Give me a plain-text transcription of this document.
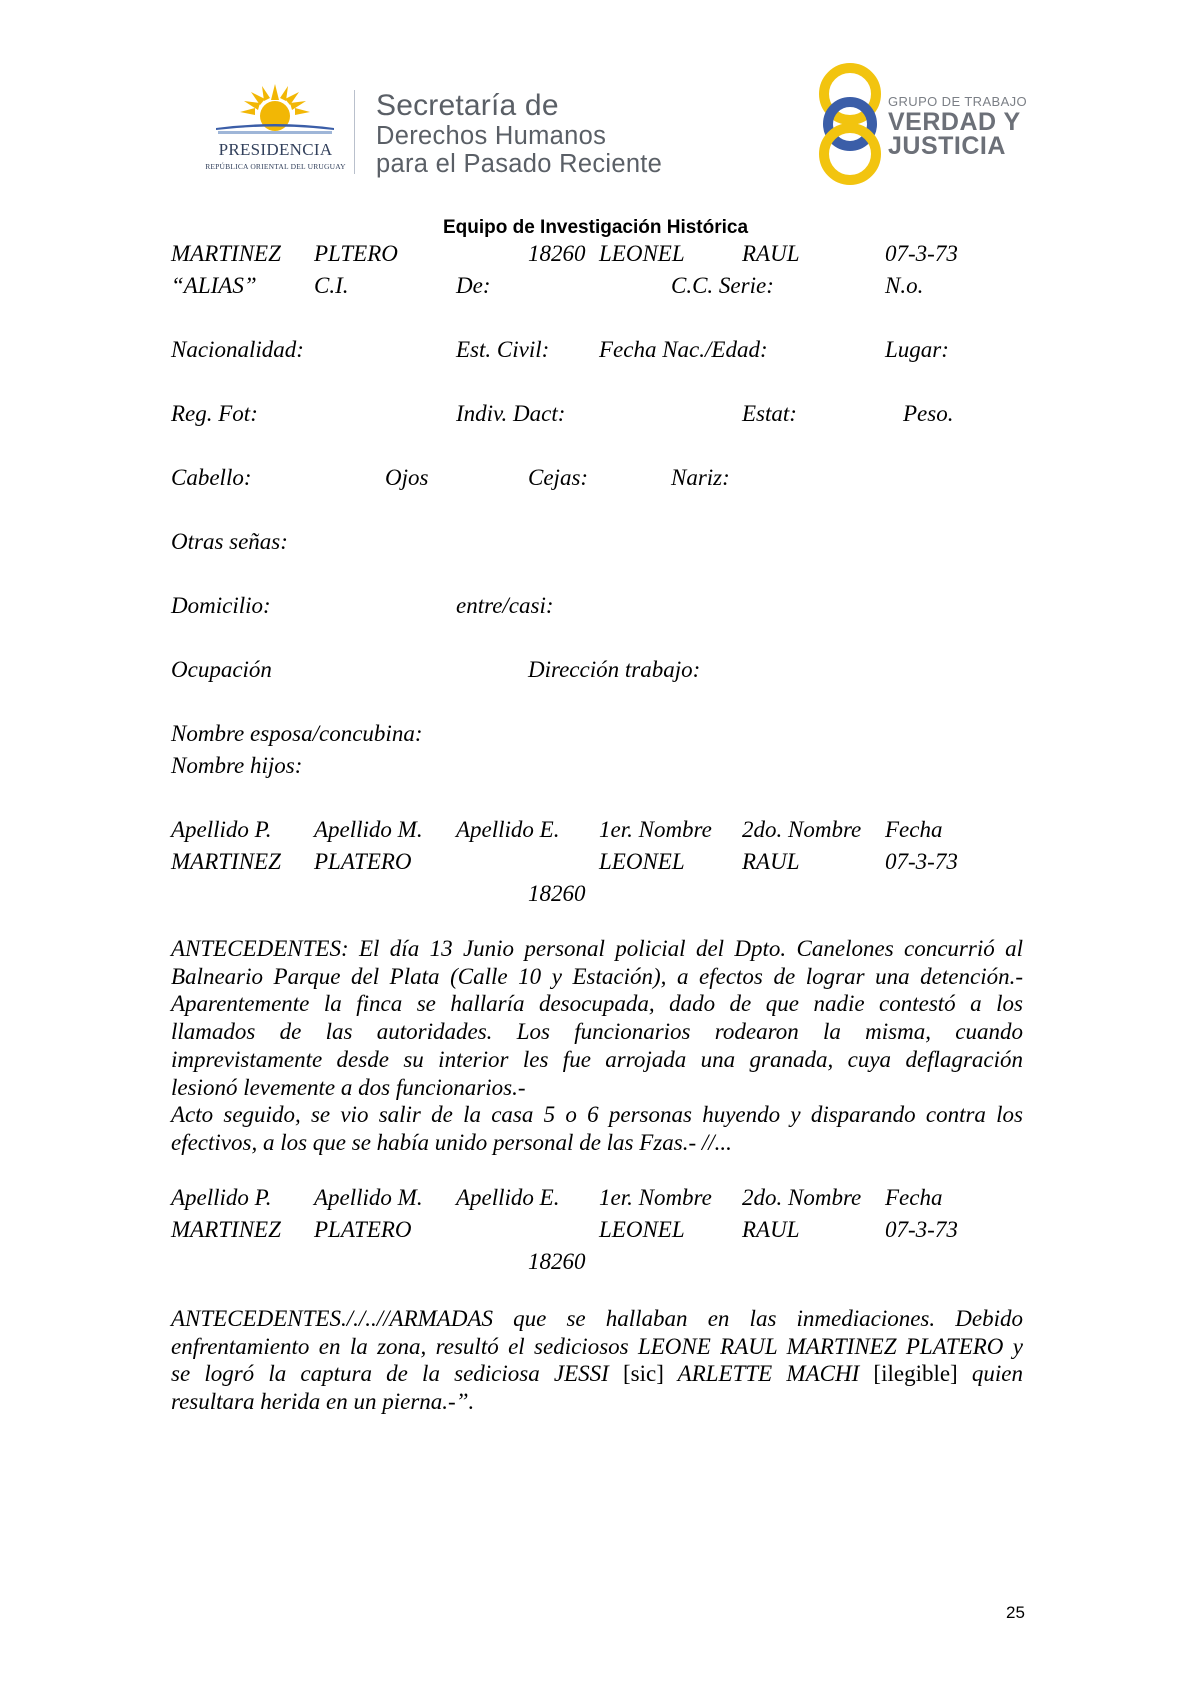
PRESIDENCIA
REPÚBLICA ORIENTAL DEL URUGUAY
Secretaría de
Derechos Humanos
para el Pasado Reciente
GRUPO DE TRABAJO
VERDAD Y
JUSTICIA
Equipo de Investigación Histórica
MARTINEZ PLTERO	18260 LEONEL RAUL	07-3-73
“ALIAS” C.I.	De:	C.C. Serie:	N.o.
Nacionalidad:	Est. Civil: Fecha Nac./Edad:	Lugar:
Reg. Fot:	Indiv. Dact:	Estat:	Peso.
Cabello:	Ojos	Cejas:	Nariz:
Otras señas:
Domicilio:	entre/casi:
Ocupación	Dirección trabajo:
Nombre esposa/concubina:
Nombre hijos:
Apellido P. Apellido M. Apellido E. 1er. Nombre 2do. Nombre Fecha
MARTINEZ PLATERO	LEONEL RAUL	07-3-73
18260
ANTECEDENTES: El día 13 Junio personal policial del Dpto. Canelones concurrió al
Balneario Parque del Plata (Calle 10 y Estación), a efectos de lograr una detención.-
Aparentemente la finca se hallaría desocupada, dado de que nadie contestó a los
llamados de las autoridades. Los funcionarios rodearon la misma, cuando
imprevistamente desde su interior les fue arrojada una granada, cuya deflagración
lesionó levemente a dos funcionarios.-
Acto seguido, se vio salir de la casa 5 o 6 personas huyendo y disparando contra los
efectivos, a los que se había unido personal de las Fzas.- //...
Apellido P. Apellido M. Apellido E. 1er. Nombre 2do. Nombre Fecha
MARTINEZ PLATERO	LEONEL RAUL	07-3-73
18260
ANTECEDENTES././..//ARMADAS que se hallaban en las inmediaciones. Debido
enfrentamiento en la zona, resultó el sediciosos LEONE RAUL MARTINEZ PLATERO y
se logró la captura de la sediciosa JESSI [sic] ARLETTE MACHI [ilegible] quien
resultara herida en un pierna.-”.
25
